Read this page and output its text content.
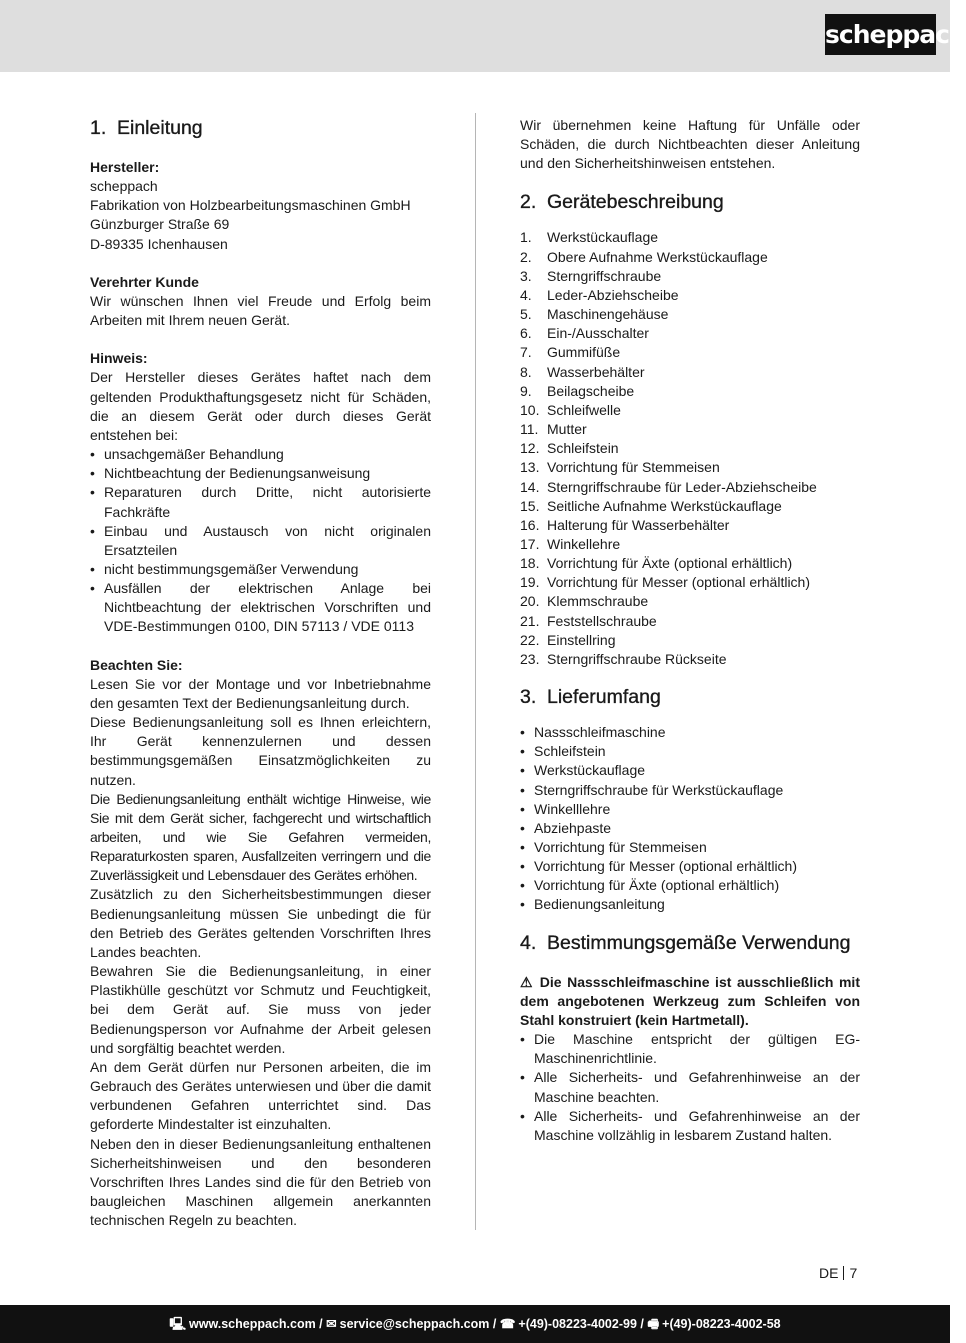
scheppach
1. Einleitung

Hersteller:

scheppach

Fabrikation von Holzbearbeitungsmaschinen GmbH

Günzburger Straße 69

D-89335 Ichenhausen

Verehrter Kunde

Wir wünschen Ihnen viel Freude und Erfolg beim Arbeiten mit Ihrem neuen Gerät.

Hinweis:

Der Hersteller dieses Gerätes haftet nach dem geltenden Produkthaftungsgesetz nicht für Schäden, die an diesem Gerät oder durch dieses Gerät entstehen bei:

• unsachgemäßer Behandlung
• Nichtbeachtung der Bedienungsanweisung
• Reparaturen durch Dritte, nicht autorisierte Fachkräfte
• Einbau und Austausch von nicht originalen Ersatzteilen
• nicht bestimmungsgemäßer Verwendung
• Ausfällen der elektrischen Anlage bei Nichtbeachtung der elektrischen Vorschriften und VDE-Bestimmungen 0100, DIN 57113 / VDE 0113

Beachten Sie:

Lesen Sie vor der Montage und vor Inbetriebnahme den gesamten Text der Bedienungsanleitung durch.

Diese Bedienungsanleitung soll es Ihnen erleichtern, Ihr Gerät kennenzulernen und dessen bestimmungsgemäßen Einsatzmöglichkeiten zu nutzen.

Die Bedienungsanleitung enthält wichtige Hinweise, wie Sie mit dem Gerät sicher, fachgerecht und wirtschaftlich arbeiten, und wie Sie Gefahren vermeiden, Reparaturkosten sparen, Ausfallzeiten verringern und die Zuverlässigkeit und Lebensdauer des Gerätes erhöhen.

Zusätzlich zu den Sicherheitsbestimmungen dieser Bedienungsanleitung müssen Sie unbedingt die für den Betrieb des Gerätes geltenden Vorschriften Ihres Landes beachten.

Bewahren Sie die Bedienungsanleitung, in einer Plastikhülle geschützt vor Schmutz und Feuchtigkeit, bei dem Gerät auf. Sie muss von jeder Bedienungsperson vor Aufnahme der Arbeit gelesen und sorgfältig beachtet werden.

An dem Gerät dürfen nur Personen arbeiten, die im Gebrauch des Gerätes unterwiesen und über die damit verbundenen Gefahren unterrichtet sind. Das geforderte Mindestalter ist einzuhalten.

Neben den in dieser Bedienungsanleitung enthaltenen Sicherheitshinweisen und den besonderen Vorschriften Ihres Landes sind die für den Betrieb von baugleichen Maschinen allgemein anerkannten technischen Regeln zu beachten.

Wir übernehmen keine Haftung für Unfälle oder Schäden, die durch Nichtbeachten dieser Anleitung und den Sicherheitshinweisen entstehen.

2. Gerätebeschreibung
1.	Werkstückauflage
2.	Obere Aufnahme Werkstückauflage
3.	Sterngriffschraube
4.	Leder-Abziehscheibe
5.	Maschinengehäuse
6.	Ein-/Ausschalter
7.	Gummifüße
8.	Wasserbehälter
9.	Beilagscheibe
10. Schleifwelle
11. Mutter
12. Schleifstein
13. Vorrichtung für Stemmeisen
14. Sterngriffschraube für Leder-Abziehscheibe
15. Seitliche Aufnahme Werkstückauflage
16. Halterung für Wasserbehälter
17. Winkellehre
18. Vorrichtung für Äxte (optional erhältlich)
19. Vorrichtung für Messer (optional erhältlich)
20. Klemmschraube
21. Feststellschraube
22. Einstellring
23. Sterngriffschraube Rückseite
3. Lieferumfang
• Nassschleifmaschine
• Schleifstein
• Werkstückauflage
• Sterngriffschraube für Werkstückauflage
• Winkelllehre
• Abziehpaste
• Vorrichtung für Stemmeisen
• Vorrichtung für Messer (optional erhältlich)
• Vorrichtung für Äxte (optional erhältlich)
• Bedienungsanleitung
4. Bestimmungsgemäße Verwendung

⚠ Die Nassschleifmaschine ist ausschließlich mit dem angebotenen Werkzeug zum Schleifen von Stahl konstruiert (kein Hartmetall).

• Die Maschine entspricht der gültigen EG-Maschinenrichtlinie.
• Alle Sicherheits- und Gefahrenhinweise an der Maschine beachten.
• Alle Sicherheits- und Gefahrenhinweise an der Maschine vollzählig in lesbarem Zustand halten.
DE 7
🖳 www.scheppach.com / ✉ service@scheppach.com / ☎ +(49)-08223-4002-99 / 🖷 +(49)-08223-4002-58
